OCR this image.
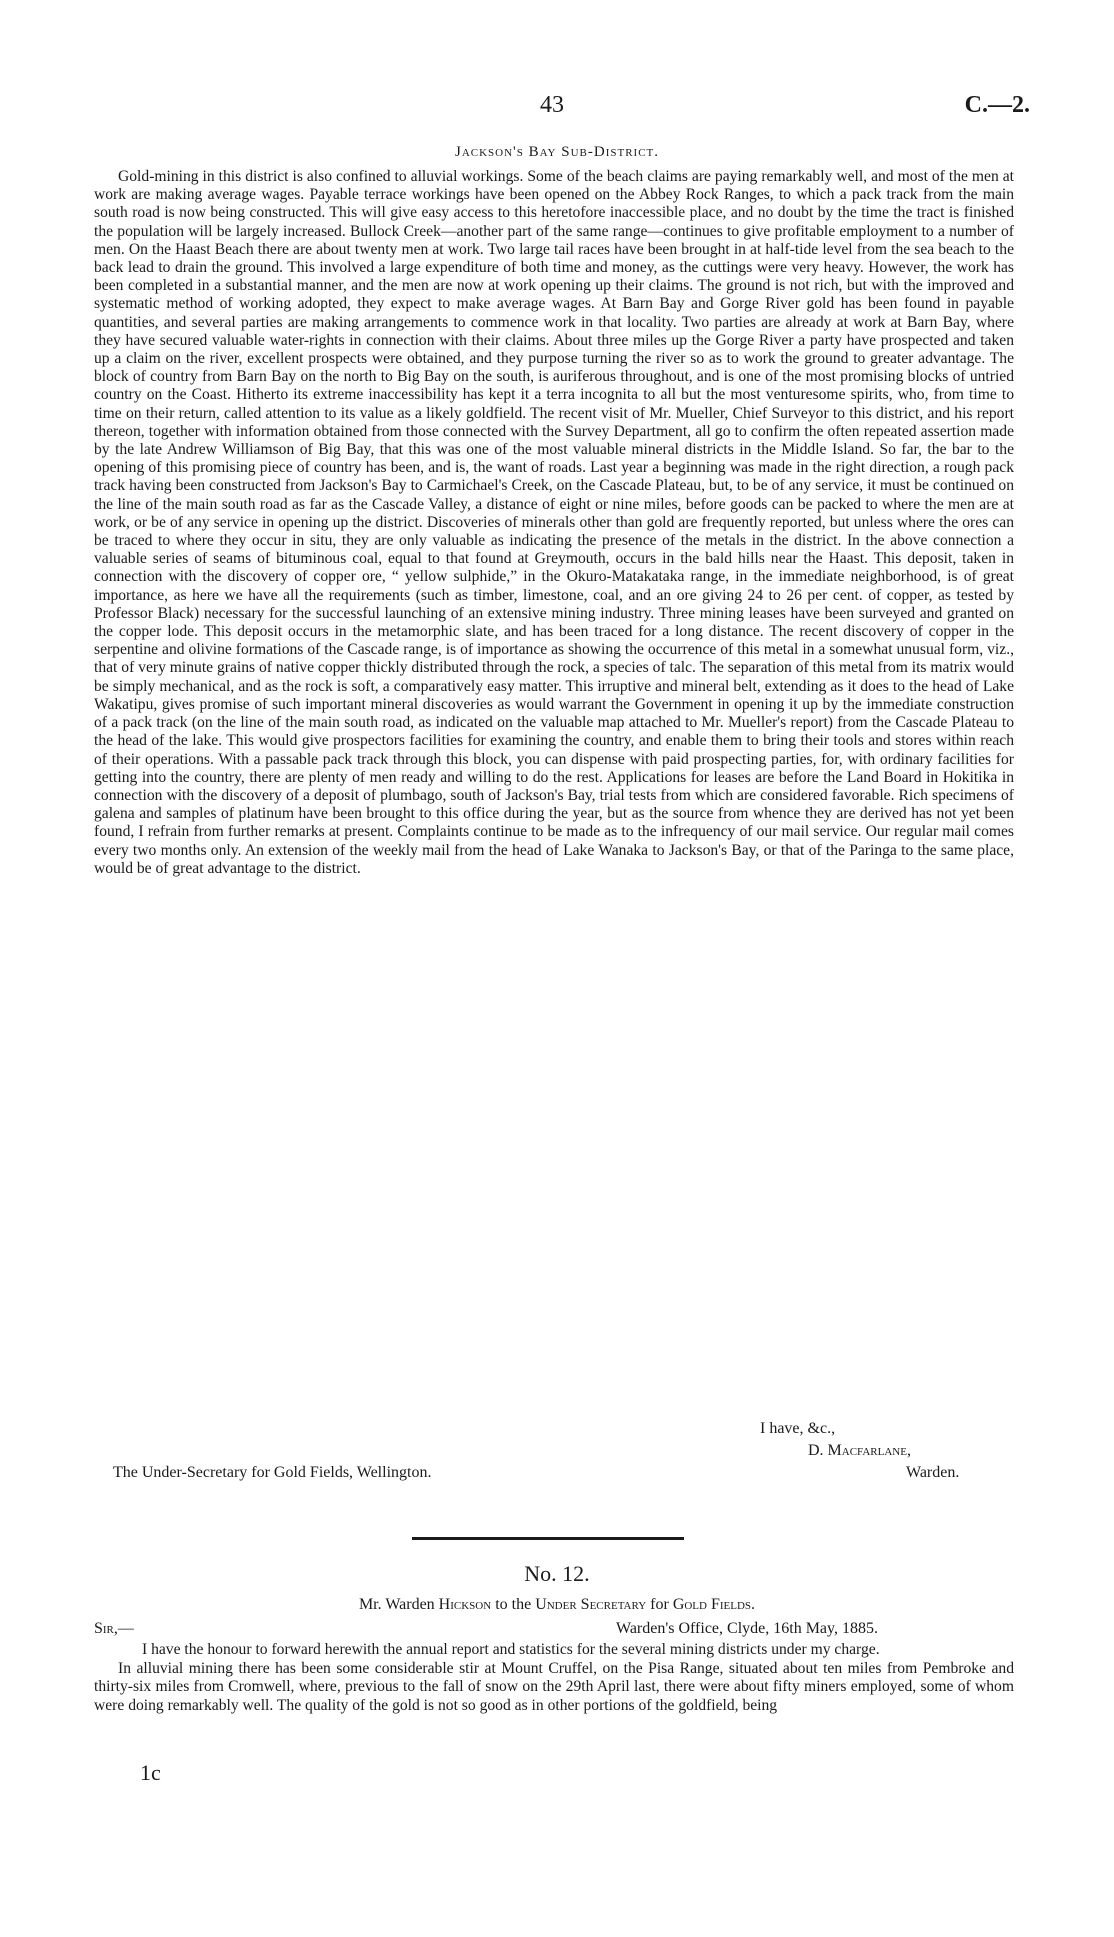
43	C.—2.
Jackson's Bay Sub-District.

Gold-mining in this district is also confined to alluvial workings. Some of the beach claims are paying remarkably well, and most of the men at work are making average wages. Payable terrace workings have been opened on the Abbey Rock Ranges, to which a pack track from the main south road is now being constructed. This will give easy access to this heretofore inaccessible place, and no doubt by the time the tract is finished the population will be largely increased. Bullock Creek—another part of the same range—continues to give profitable employment to a number of men. On the Haast Beach there are about twenty men at work. Two large tail races have been brought in at half-tide level from the sea beach to the back lead to drain the ground. This involved a large expenditure of both time and money, as the cuttings were very heavy. However, the work has been completed in a substantial manner, and the men are now at work opening up their claims. The ground is not rich, but with the improved and systematic method of working adopted, they expect to make average wages. At Barn Bay and Gorge River gold has been found in payable quantities, and several parties are making arrangements to commence work in that locality. Two parties are already at work at Barn Bay, where they have secured valuable water-rights in connection with their claims. About three miles up the Gorge River a party have prospected and taken up a claim on the river, excellent prospects were obtained, and they purpose turning the river so as to work the ground to greater advantage. The block of country from Barn Bay on the north to Big Bay on the south, is auriferous throughout, and is one of the most promising blocks of untried country on the Coast. Hitherto its extreme inaccessibility has kept it a terra incognita to all but the most venturesome spirits, who, from time to time on their return, called attention to its value as a likely goldfield. The recent visit of Mr. Mueller, Chief Surveyor to this district, and his report thereon, together with information obtained from those connected with the Survey Department, all go to confirm the often repeated assertion made by the late Andrew Williamson of Big Bay, that this was one of the most valuable mineral districts in the Middle Island. So far, the bar to the opening of this promising piece of country has been, and is, the want of roads. Last year a beginning was made in the right direction, a rough pack track having been constructed from Jackson's Bay to Carmichael's Creek, on the Cascade Plateau, but, to be of any service, it must be continued on the line of the main south road as far as the Cascade Valley, a distance of eight or nine miles, before goods can be packed to where the men are at work, or be of any service in opening up the district. Discoveries of minerals other than gold are frequently reported, but unless where the ores can be traced to where they occur in situ, they are only valuable as indicating the presence of the metals in the district. In the above connection a valuable series of seams of bituminous coal, equal to that found at Greymouth, occurs in the bald hills near the Haast. This deposit, taken in connection with the discovery of copper ore, “ yellow sulphide,” in the Okuro-Matakataka range, in the immediate neighborhood, is of great importance, as here we have all the requirements (such as timber, limestone, coal, and an ore giving 24 to 26 per cent. of copper, as tested by Professor Black) necessary for the successful launching of an extensive mining industry. Three mining leases have been surveyed and granted on the copper lode. This deposit occurs in the metamorphic slate, and has been traced for a long distance. The recent discovery of copper in the serpentine and olivine formations of the Cascade range, is of importance as showing the occurrence of this metal in a somewhat unusual form, viz., that of very minute grains of native copper thickly distributed through the rock, a species of talc. The separation of this metal from its matrix would be simply mechanical, and as the rock is soft, a comparatively easy matter. This irruptive and mineral belt, extending as it does to the head of Lake Wakatipu, gives promise of such important mineral discoveries as would warrant the Government in opening it up by the immediate construction of a pack track (on the line of the main south road, as indicated on the valuable map attached to Mr. Mueller's report) from the Cascade Plateau to the head of the lake. This would give prospectors facilities for examining the country, and enable them to bring their tools and stores within reach of their operations. With a passable pack track through this block, you can dispense with paid prospecting parties, for, with ordinary facilities for getting into the country, there are plenty of men ready and willing to do the rest. Applications for leases are before the Land Board in Hokitika in connection with the discovery of a deposit of plumbago, south of Jackson's Bay, trial tests from which are considered favorable. Rich specimens of galena and samples of platinum have been brought to this office during the year, but as the source from whence they are derived has not yet been found, I refrain from further remarks at present. Complaints continue to be made as to the infrequency of our mail service. Our regular mail comes every two months only. An extension of the weekly mail from the head of Lake Wanaka to Jackson's Bay, or that of the Paringa to the same place, would be of great advantage to the district.

I have, &c.,
D. Macfarlane,
The Under-Secretary for Gold Fields, Wellington.	Warden.
No. 12.
Mr. Warden Hickson to the Under Secretary for Gold Fields.
Sir,—	Warden's Office, Clyde, 16th May, 1885.

I have the honour to forward herewith the annual report and statistics for the several mining districts under my charge.

In alluvial mining there has been some considerable stir at Mount Cruffel, on the Pisa Range, situated about ten miles from Pembroke and thirty-six miles from Cromwell, where, previous to the fall of snow on the 29th April last, there were about fifty miners employed, some of whom were doing remarkably well. The quality of the gold is not so good as in other portions of the goldfield, being

1c
